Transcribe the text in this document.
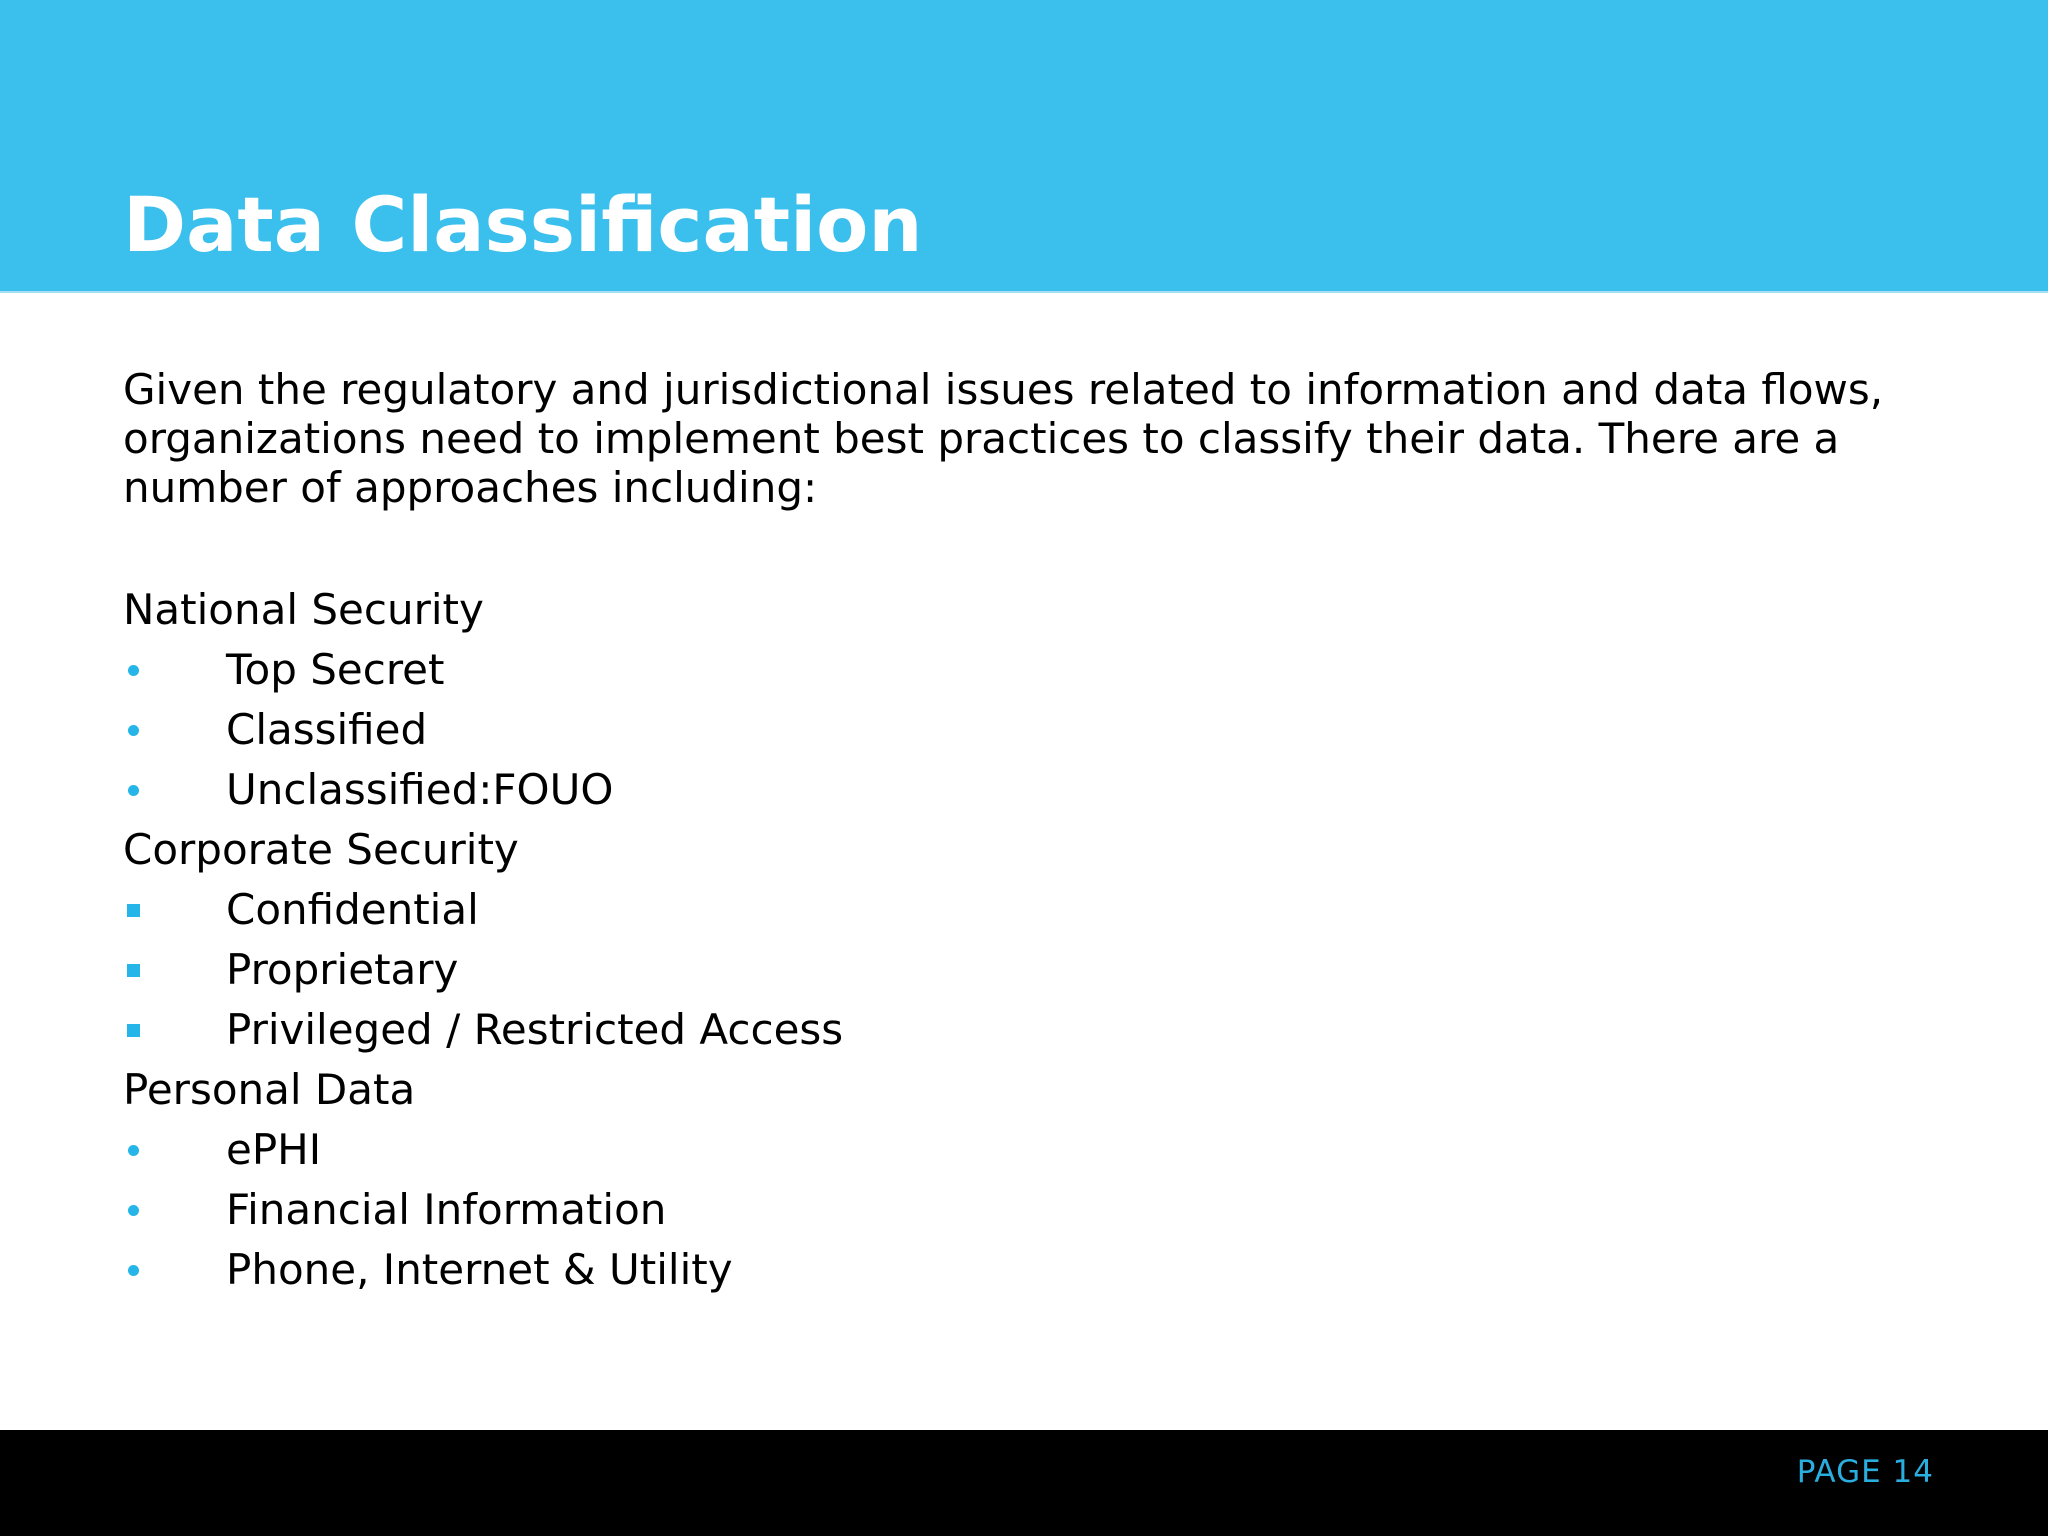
Data Classification
Given the regulatory and jurisdictional issues related to information and data flows, organizations need to implement best practices to classify their data. There are a number of approaches including:
National Security
Top Secret
Classified
Unclassified:FOUO
Corporate Security
Confidential
Proprietary
Privileged / Restricted Access
Personal Data
ePHI
Financial Information
Phone, Internet & Utility
PAGE 14
